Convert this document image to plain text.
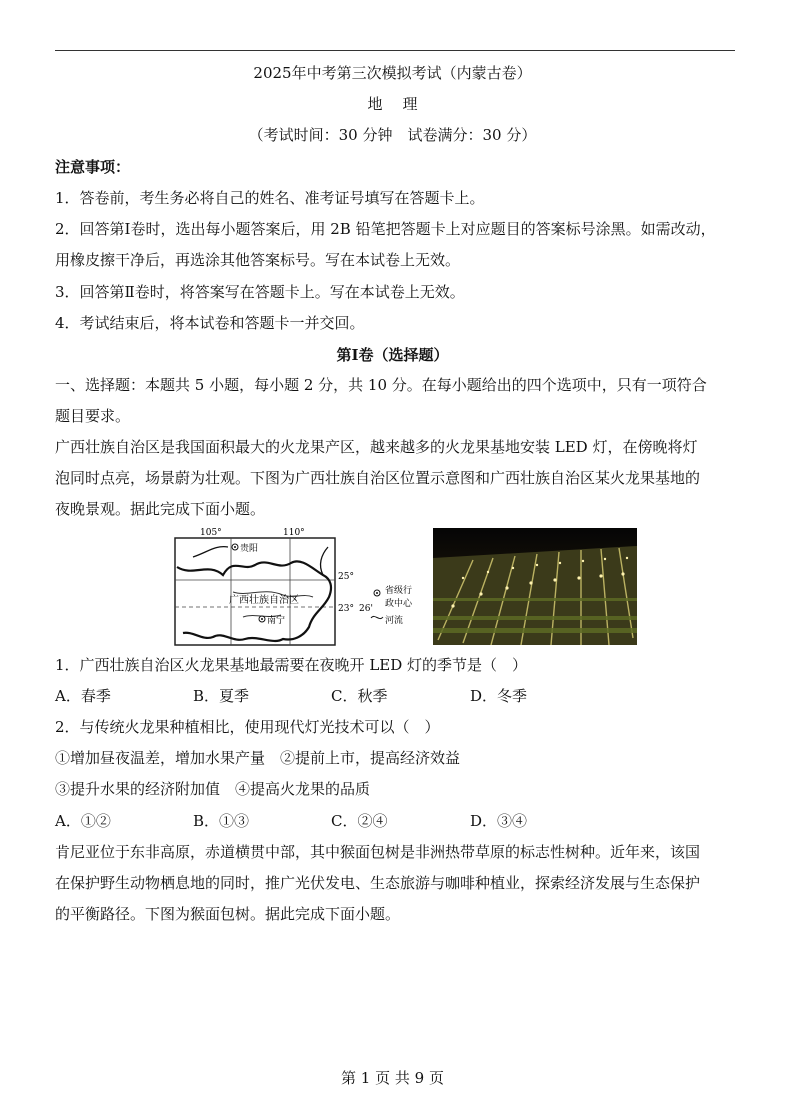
2025年中考第三次模拟考试（内蒙古卷）
地理
（考试时间：30 分钟　试卷满分：30 分）
注意事项：
1．答卷前，考生务必将自己的姓名、准考证号填写在答题卡上。
2．回答第Ⅰ卷时，选出每小题答案后，用 2B 铅笔把答题卡上对应题目的答案标号涂黑。如需改动，
用橡皮擦干净后，再选涂其他答案标号。写在本试卷上无效。
3．回答第Ⅱ卷时，将答案写在答题卡上。写在本试卷上无效。
4．考试结束后，将本试卷和答题卡一并交回。
第Ⅰ卷（选择题）
一、选择题：本题共 5 小题，每小题 2 分，共 10 分。在每小题给出的四个选项中，只有一项符合
题目要求。
广西壮族自治区是我国面积最大的火龙果产区，越来越多的火龙果基地安装 LED 灯，在傍晚将灯
泡同时点亮，场景蔚为壮观。下图为广西壮族自治区位置示意图和广西壮族自治区某火龙果基地的
夜晚景观。据此完成下面小题。
105°	110°
25°
23° 26'
贵阳
南宁
广西壮族自治区
省级行
政中心
河流
1．广西壮族自治区火龙果基地最需要在夜晚开 LED 灯的季节是（　）
A．春季	B．夏季	C．秋季	D．冬季
2．与传统火龙果种植相比，使用现代灯光技术可以（　）
①增加昼夜温差，增加水果产量　②提前上市，提高经济效益
③提升水果的经济附加值　④提高火龙果的品质
A．①②	B．①③	C．②④	D．③④
肯尼亚位于东非高原，赤道横贯中部，其中猴面包树是非洲热带草原的标志性树种。近年来，该国
在保护野生动物栖息地的同时，推广光伏发电、生态旅游与咖啡种植业，探索经济发展与生态保护
的平衡路径。下图为猴面包树。据此完成下面小题。
第 1 页 共 9 页
